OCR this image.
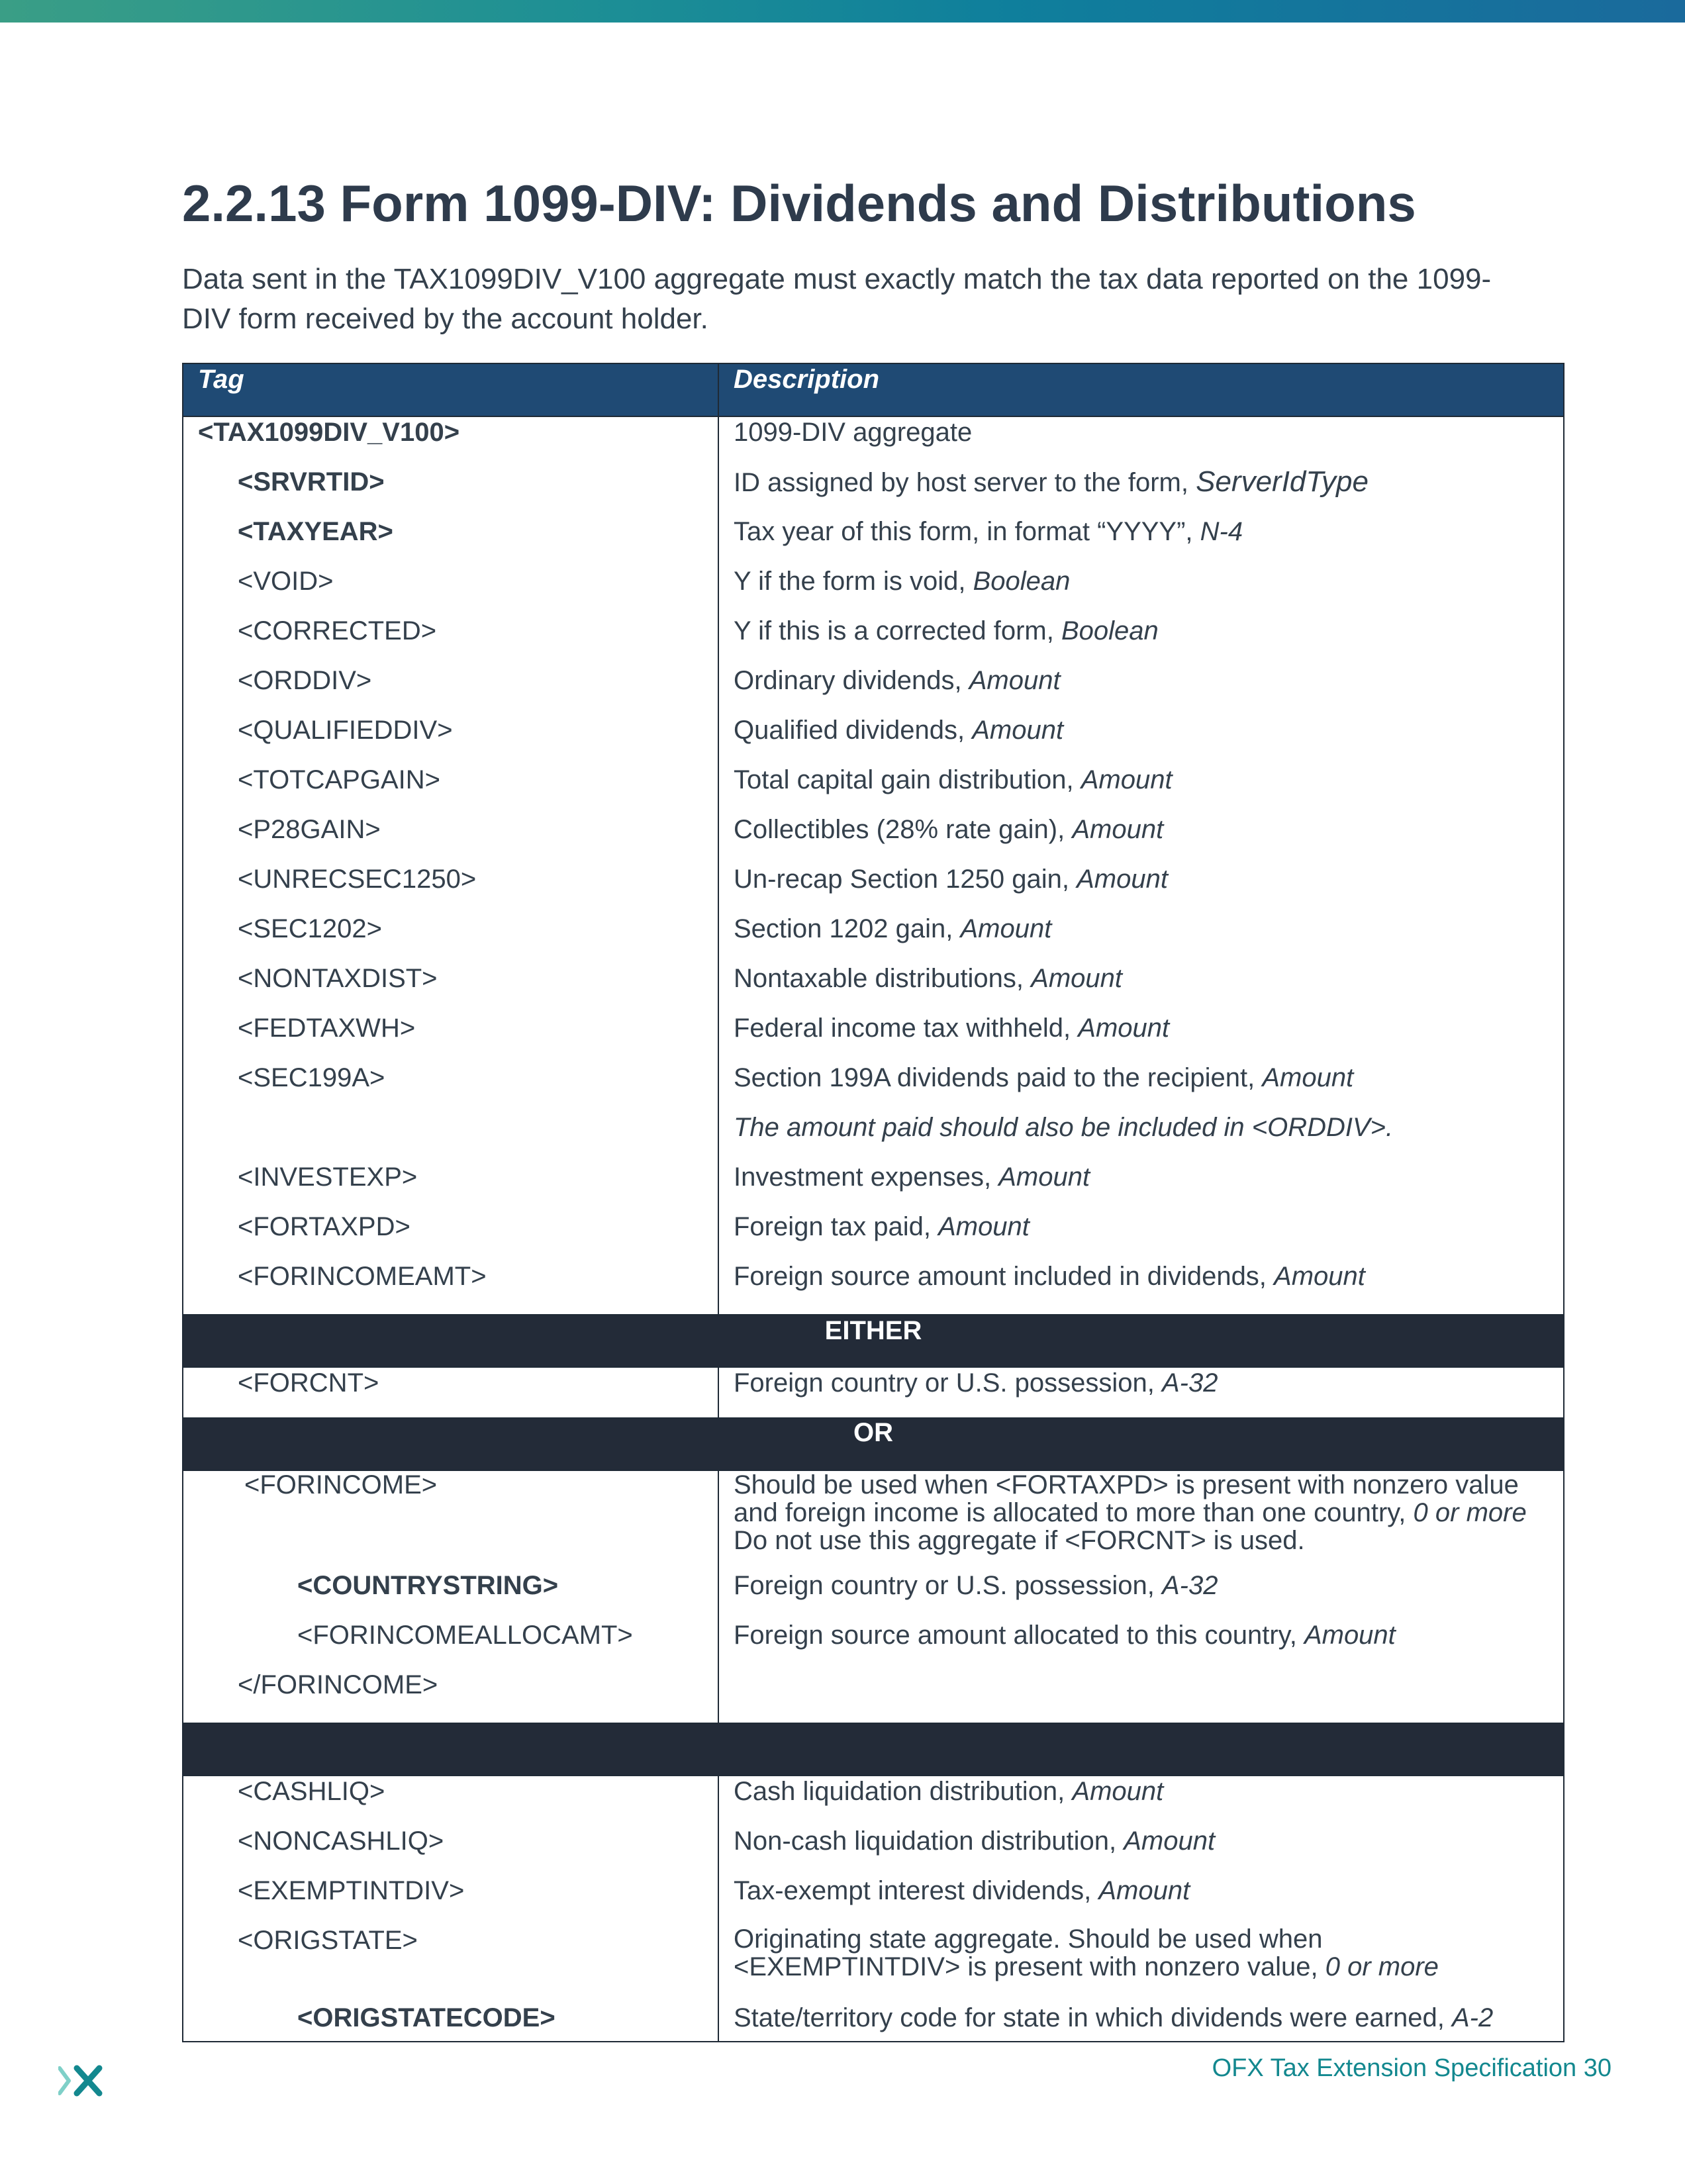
2.2.13 Form 1099-DIV: Dividends and Distributions

Data sent in the TAX1099DIV_V100 aggregate must exactly match the tax data reported on the 1099-DIV form received by the account holder.

Tag	Description
<TAX1099DIV_V100>	1099-DIV aggregate
<SRVRTID>	ID assigned by host server to the form, ServerIdType
<TAXYEAR>	Tax year of this form, in format “YYYY”, N-4
<VOID>	Y if the form is void, Boolean
<CORRECTED>	Y if this is a corrected form, Boolean
<ORDDIV>	Ordinary dividends, Amount
<QUALIFIEDDIV>	Qualified dividends, Amount
<TOTCAPGAIN>	Total capital gain distribution, Amount
<P28GAIN>	Collectibles (28% rate gain), Amount
<UNRECSEC1250>	Un-recap Section 1250 gain, Amount
<SEC1202>	Section 1202 gain, Amount
<NONTAXDIST>	Nontaxable distributions, Amount
<FEDTAXWH>	Federal income tax withheld, Amount
<SEC199A>	Section 199A dividends paid to the recipient, Amount
	The amount paid should also be included in <ORDDIV>.
<INVESTEXP>	Investment expenses, Amount
<FORTAXPD>	Foreign tax paid, Amount
<FORINCOMEAMT>	Foreign source amount included in dividends, Amount
EITHER	
<FORCNT>	Foreign country or U.S. possession, A-32
OR	
<FORINCOME>	Should be used when <FORTAXPD> is present with nonzero value and foreign income is allocated to more than one country, 0 or more  Do not use this aggregate if <FORCNT> is used.
<COUNTRYSTRING>	Foreign country or U.S. possession, A-32
<FORINCOMEALLOCAMT>	Foreign source amount allocated to this country, Amount
</FORINCOME>	

<CASHLIQ>	Cash liquidation distribution, Amount
<NONCASHLIQ>	Non-cash liquidation distribution, Amount
<EXEMPTINTDIV>	Tax-exempt interest dividends, Amount
<ORIGSTATE>	Originating state aggregate. Should be used when <EXEMPTINTDIV> is present with nonzero value, 0 or more
<ORIGSTATECODE>	State/territory code for state in which dividends were earned, A-2

OFX Tax Extension Specification 30
